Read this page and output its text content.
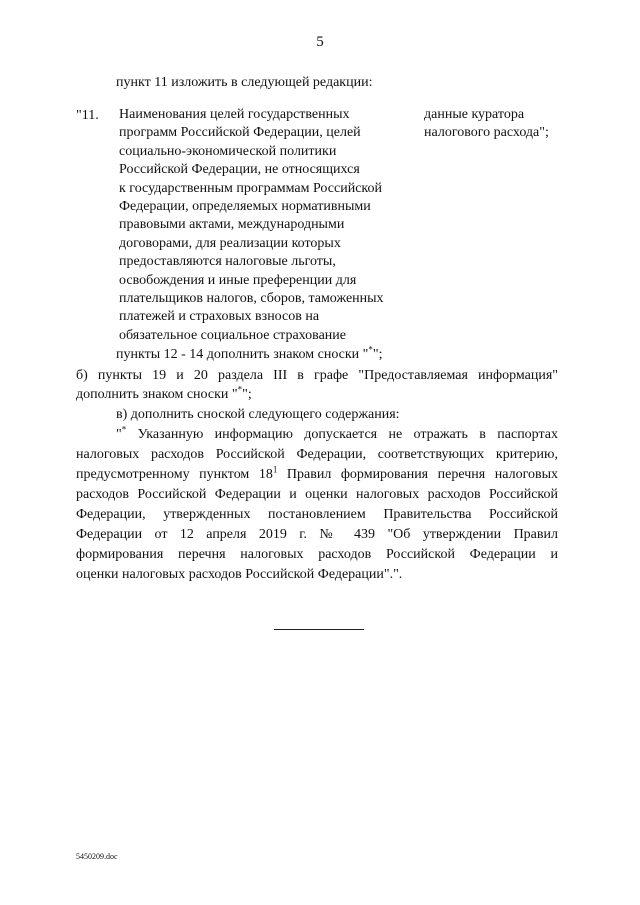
5
пункт 11 изложить в следующей редакции:
"11. Наименования целей государственных
программ Российской Федерации, целей
социально-экономической политики
Российской Федерации, не относящихся
к государственным программам Российской
Федерации, определяемых нормативными
правовыми актами, международными
договорами, для реализации которых
предоставляются налоговые льготы,
освобождения и иные преференции для
плательщиков налогов, сборов, таможенных
платежей и страховых взносов на
обязательное социальное страхование
данные куратора
налогового расхода";
пункты 12 - 14 дополнить знаком сноски "*";
б) пункты 19 и 20 раздела III в графе "Предоставляемая информация"
дополнить знаком сноски "*";
в) дополнить сноской следующего содержания:
"* Указанную информацию допускается не отражать в паспортах
налоговых расходов Российской Федерации, соответствующих критерию,
предусмотренному пунктом $18^1$ Правил формирования перечня налоговых
расходов Российской Федерации и оценки налоговых расходов Российской
Федерации, утвержденных постановлением Правительства Российской
Федерации от 12 апреля 2019 г. № 439 "Об утверждении Правил
формирования перечня налоговых расходов Российской Федерации и
оценки налоговых расходов Российской Федерации".".
5450209.doc
